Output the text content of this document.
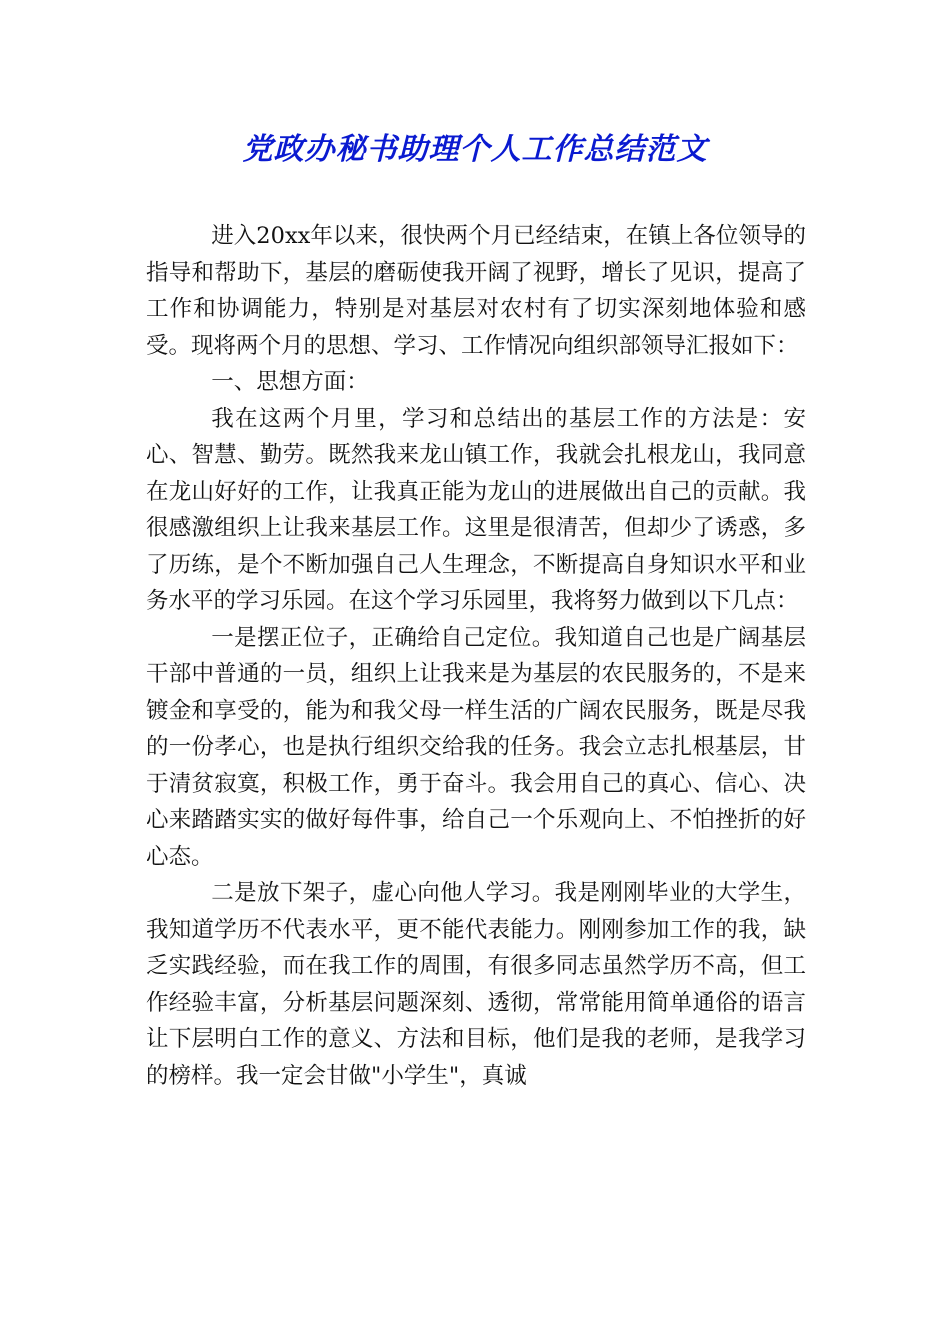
党政办秘书助理个人工作总结范文

进入20xx年以来，很快两个月已经结束，在镇上各位领导的指导和帮助下，基层的磨砺使我开阔了视野，增长了见识，提高了工作和协调能力，特别是对基层对农村有了切实深刻地体验和感受。现将两个月的思想、学习、工作情况向组织部领导汇报如下：

一、思想方面：

我在这两个月里，学习和总结出的基层工作的方法是：安心、智慧、勤劳。既然我来龙山镇工作，我就会扎根龙山，我同意在龙山好好的工作，让我真正能为龙山的进展做出自己的贡献。我很感激组织上让我来基层工作。这里是很清苦，但却少了诱惑，多了历练，是个不断加强自己人生理念，不断提高自身知识水平和业务水平的学习乐园。在这个学习乐园里，我将努力做到以下几点：

一是摆正位子，正确给自己定位。我知道自己也是广阔基层干部中普通的一员，组织上让我来是为基层的农民服务的，不是来镀金和享受的，能为和我父母一样生活的广阔农民服务，既是尽我的一份孝心，也是执行组织交给我的任务。我会立志扎根基层，甘于清贫寂寞，积极工作，勇于奋斗。我会用自己的真心、信心、决心来踏踏实实的做好每件事，给自己一个乐观向上、不怕挫折的好心态。

二是放下架子，虚心向他人学习。我是刚刚毕业的大学生，我知道学历不代表水平，更不能代表能力。刚刚参加工作的我，缺乏实践经验，而在我工作的周围，有很多同志虽然学历不高，但工作经验丰富，分析基层问题深刻、透彻，常常能用简单通俗的语言让下层明白工作的意义、方法和目标，他们是我的老师，是我学习的榜样。我一定会甘做"小学生"，真诚
